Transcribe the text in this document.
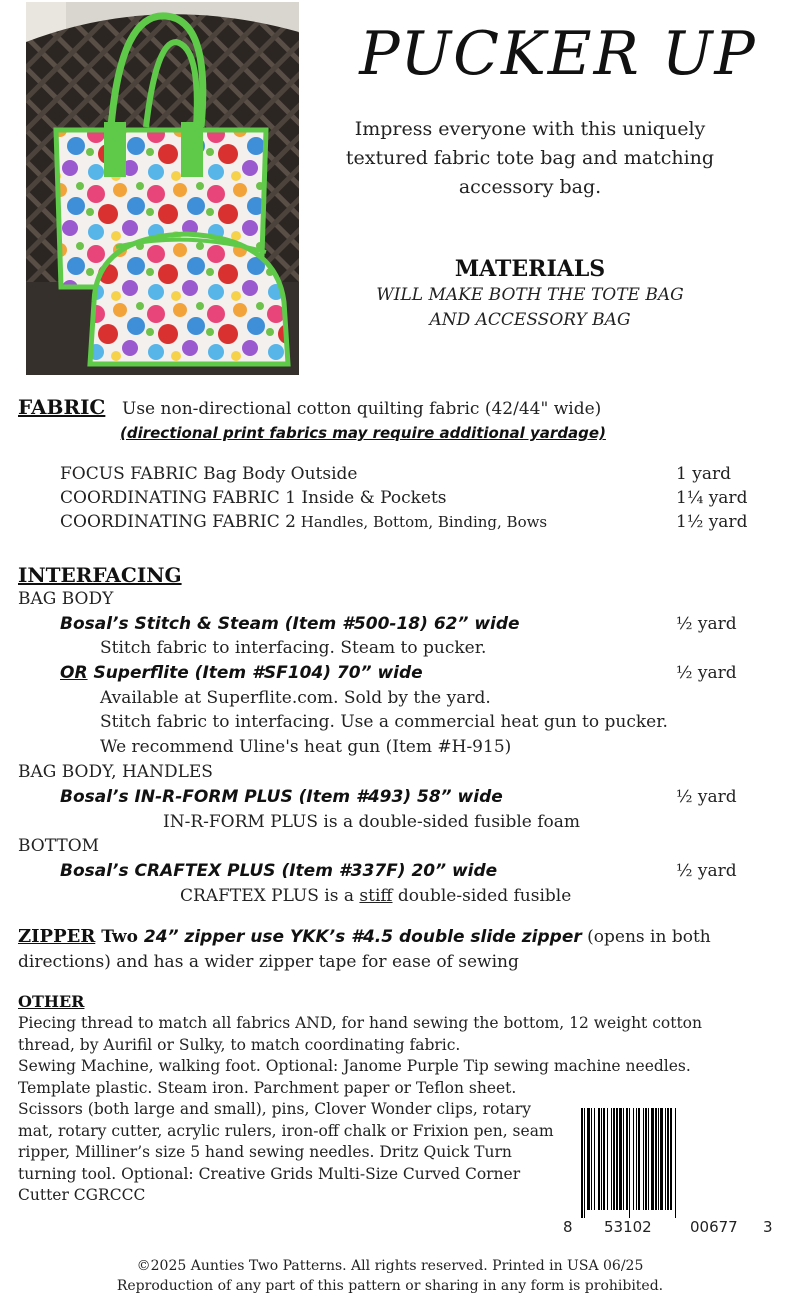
PUCKER UP
Impress everyone with this uniquely textured fabric tote bag and matching accessory bag.
MATERIALS
WILL MAKE BOTH THE TOTE BAG
AND ACCESSORY BAG
FABRIC Use non-directional cotton quilting fabric (42/44" wide)
(directional print fabrics may require additional yardage)
FOCUS FABRIC Bag Body Outside	1 yard
COORDINATING FABRIC 1 Inside & Pockets	1¼ yard
COORDINATING FABRIC 2 Handles, Bottom, Binding, Bows	1½ yard
INTERFACING
BAG BODY
Bosal’s Stitch & Steam (Item #500-18) 62” wide	½ yard
Stitch fabric to interfacing. Steam to pucker.
OR Superflite (Item #SF104) 70” wide	½ yard
Available at Superflite.com. Sold by the yard.
Stitch fabric to interfacing. Use a commercial heat gun to pucker.
We recommend Uline's heat gun (Item #H-915)
BAG BODY, HANDLES
Bosal’s IN-R-FORM PLUS (Item #493) 58” wide	½ yard
IN-R-FORM PLUS is a double-sided fusible foam
BOTTOM
Bosal’s CRAFTEX PLUS (Item #337F) 20” wide	½ yard
CRAFTEX PLUS is a stiff double-sided fusible
ZIPPER Two 24” zipper use YKK’s #4.5 double slide zipper (opens in both
directions) and has a wider zipper tape for ease of sewing
OTHER
Piecing thread to match all fabrics AND, for hand sewing the bottom, 12 weight cotton
thread, by Aurifil or Sulky, to match coordinating fabric.
Sewing Machine, walking foot. Optional: Janome Purple Tip sewing machine needles.
Template plastic. Steam iron. Parchment paper or Teflon sheet.
Scissors (both large and small), pins, Clover Wonder clips, rotary
mat, rotary cutter, acrylic rulers, iron-off chalk or Frixion pen, seam
ripper, Milliner’s size 5 hand sewing needles. Dritz Quick Turn
turning tool. Optional: Creative Grids Multi-Size Curved Corner
Cutter CGRCCC
8 53102	00677 3
©2025 Aunties Two Patterns. All rights reserved. Printed in USA 06/25
Reproduction of any part of this pattern or sharing in any form is prohibited.
